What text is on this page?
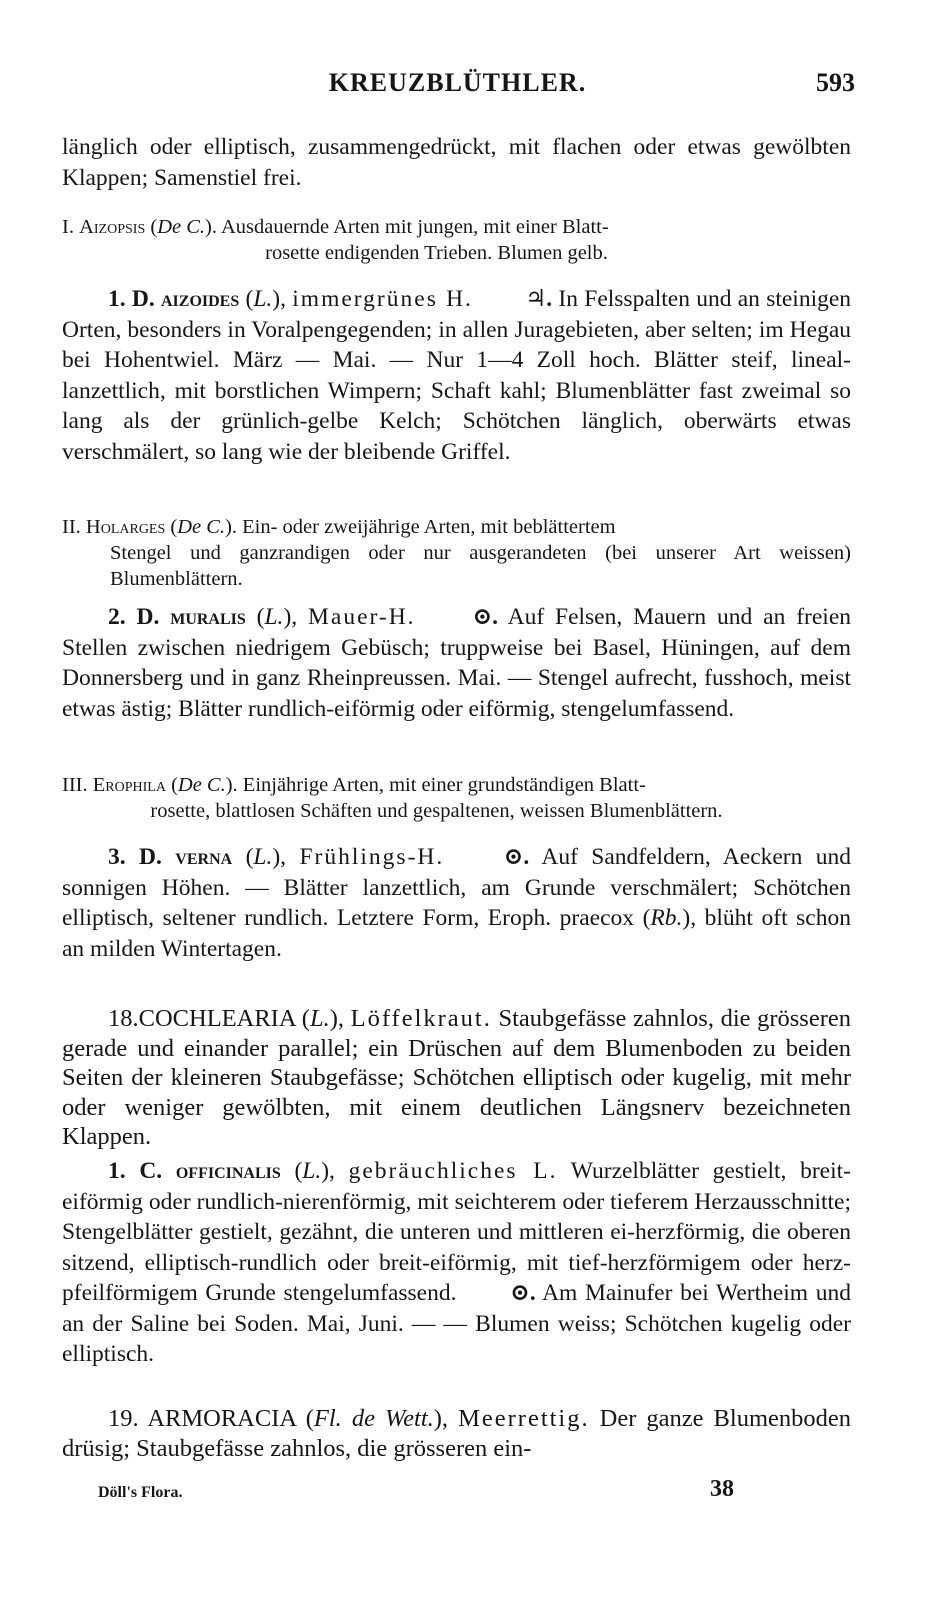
KREUZBLÜTHLER.	593

länglich oder elliptisch, zusammengedrückt, mit flachen oder etwas gewölbten Klappen; Samenstiel frei.

I. Aizopsis (De C.). Ausdauernde Arten mit jungen, mit einer Blatt-
rosette endigenden Trieben. Blumen gelb.

1. D. aizoides (L.), immergrünes H. ♃. In Felsspalten und an steinigen Orten, besonders in Voralpengegenden; in allen Juragebieten, aber selten; im Hegau bei Hohentwiel. März — Mai. — Nur 1—4 Zoll hoch. Blätter steif, lineal-lanzettlich, mit borstlichen Wimpern; Schaft kahl; Blumenblätter fast zweimal so lang als der grünlich-gelbe Kelch; Schötchen länglich, oberwärts etwas verschmälert, so lang wie der bleibende Griffel.

II. Holarges (De C.). Ein- oder zweijährige Arten, mit beblättertem
Stengel und ganzrandigen oder nur ausgerandeten (bei unserer Art weissen) Blumenblättern.

2. D. muralis (L.), Mauer-H. ⊙. Auf Felsen, Mauern und an freien Stellen zwischen niedrigem Gebüsch; truppweise bei Basel, Hüningen, auf dem Donnersberg und in ganz Rheinpreussen. Mai. — Stengel aufrecht, fusshoch, meist etwas ästig; Blätter rundlich-eiförmig oder eiförmig, stengelumfassend.

III. Erophila (De C.). Einjährige Arten, mit einer grundständigen Blatt-
rosette, blattlosen Schäften und gespaltenen, weissen Blumenblättern.

3. D. verna (L.), Frühlings-H.	⊙. Auf Sandfeldern, Aeckern und sonnigen Höhen. — Blätter lanzettlich, am Grunde verschmälert; Schötchen elliptisch, seltener rundlich. Letztere Form, Eroph. praecox (Rb.), blüht oft schon an milden Wintertagen.

18.COCHLEARIA (L.), Löffelkraut. Staubgefässe zahnlos, die grösseren gerade und einander parallel; ein Drüschen auf dem Blumenboden zu beiden Seiten der kleineren Staubgefässe; Schötchen elliptisch oder kugelig, mit mehr oder weniger gewölbten, mit einem deutlichen Längsnerv bezeichneten Klappen.

1. C. officinalis (L.), gebräuchliches L. Wurzelblätter gestielt, breit-eiförmig oder rundlich-nierenförmig, mit seichterem oder tieferem Herzausschnitte; Stengelblätter gestielt, gezähnt, die unteren und mittleren ei-herzförmig, die oberen sitzend, elliptisch-rundlich oder breit-eiförmig, mit tief-herzförmigem oder herz-pfeilförmigem Grunde stengelumfassend. ⊙. Am Mainufer bei Wertheim und an der Saline bei Soden. Mai, Juni. — — Blumen weiss; Schötchen kugelig oder elliptisch.

19. ARMORACIA (Fl. de Wett.), Meerrettig. Der ganze Blumenboden drüsig; Staubgefässe zahnlos, die grösseren ein-

Döll's Flora.	38
